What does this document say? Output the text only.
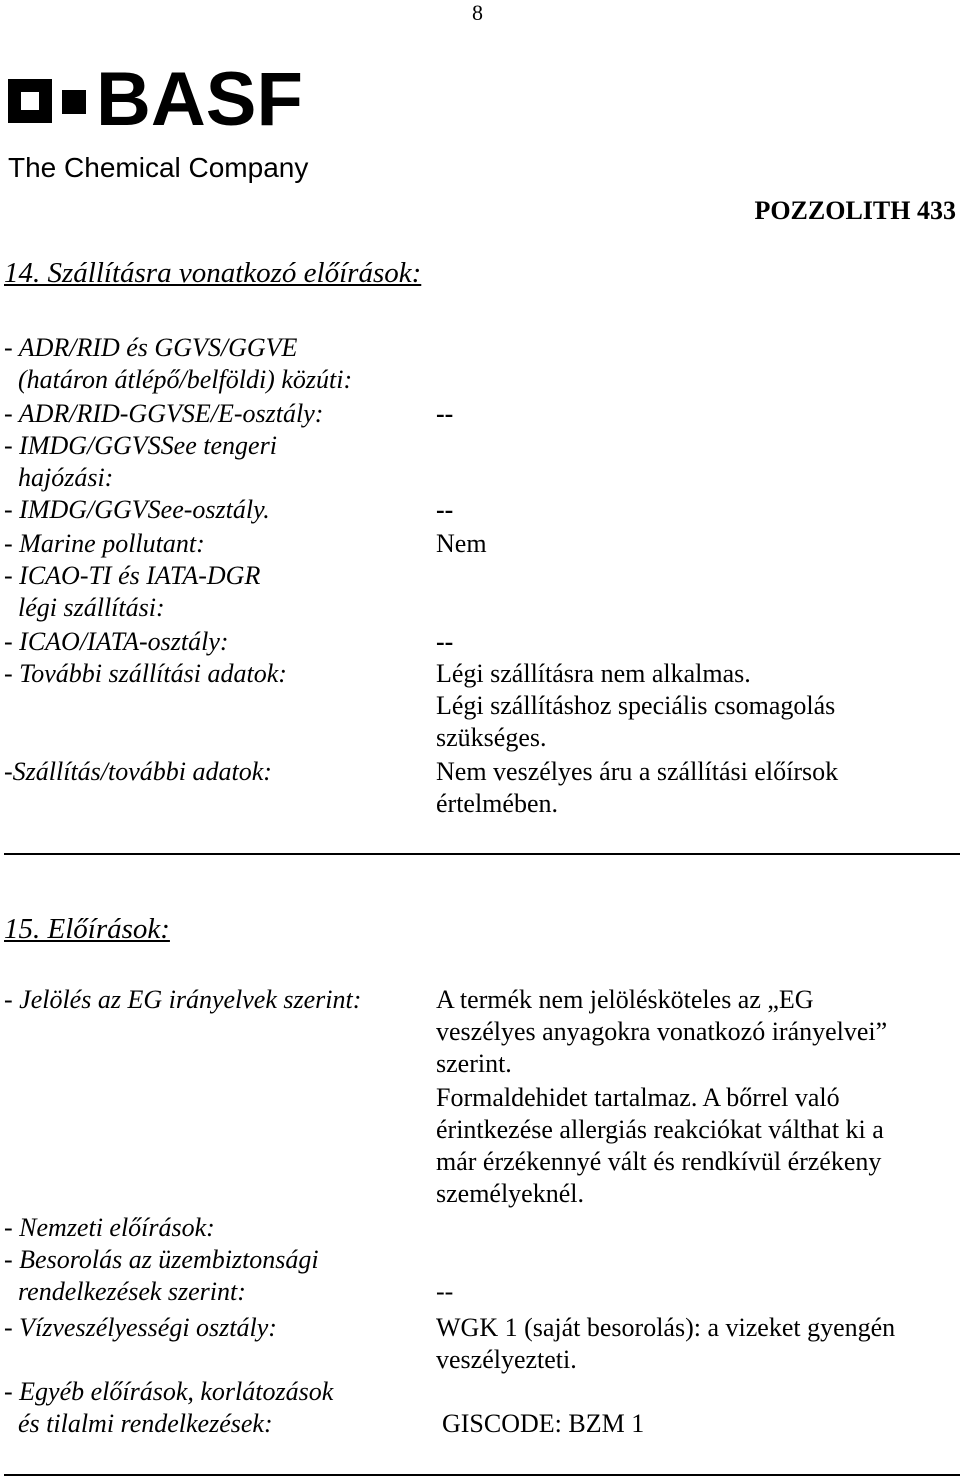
8
BASF
The Chemical Company
POZZOLITH 433
14. Szállításra vonatkozó előírások:
- ADR/RID és GGVS/GGVE
(határon átlépő/belföldi) közúti:
- ADR/RID-GGVSE/E-osztály:	--
- IMDG/GGVSSee tengeri
hajózási:
- IMDG/GGVSee-osztály.	--
- Marine pollutant:	Nem
- ICAO-TI és IATA-DGR
légi szállítási:
- ICAO/IATA-osztály:	--
- További szállítási adatok:	Légi szállításra nem alkalmas.
Légi szállításhoz speciális csomagolás
szükséges.
-Szállítás/további adatok:	Nem veszélyes áru a szállítási előírsok
értelmében.
15. Előírások:
- Jelölés az EG irányelvek szerint:	A termék nem jelölésköteles az „EG
veszélyes anyagokra vonatkozó irányelvei”
szerint.
Formaldehidet tartalmaz. A bőrrel való
érintkezése allergiás reakciókat válthat ki a
már érzékennyé vált és rendkívül érzékeny
személyeknél.
- Nemzeti előírások:
- Besorolás az üzembiztonsági
rendelkezések szerint:	--
- Vízveszélyességi osztály:	WGK 1 (saját besorolás): a vizeket gyengén
veszélyezteti.
- Egyéb előírások, korlátozások
és tilalmi rendelkezések:	GISCODE: BZM 1
